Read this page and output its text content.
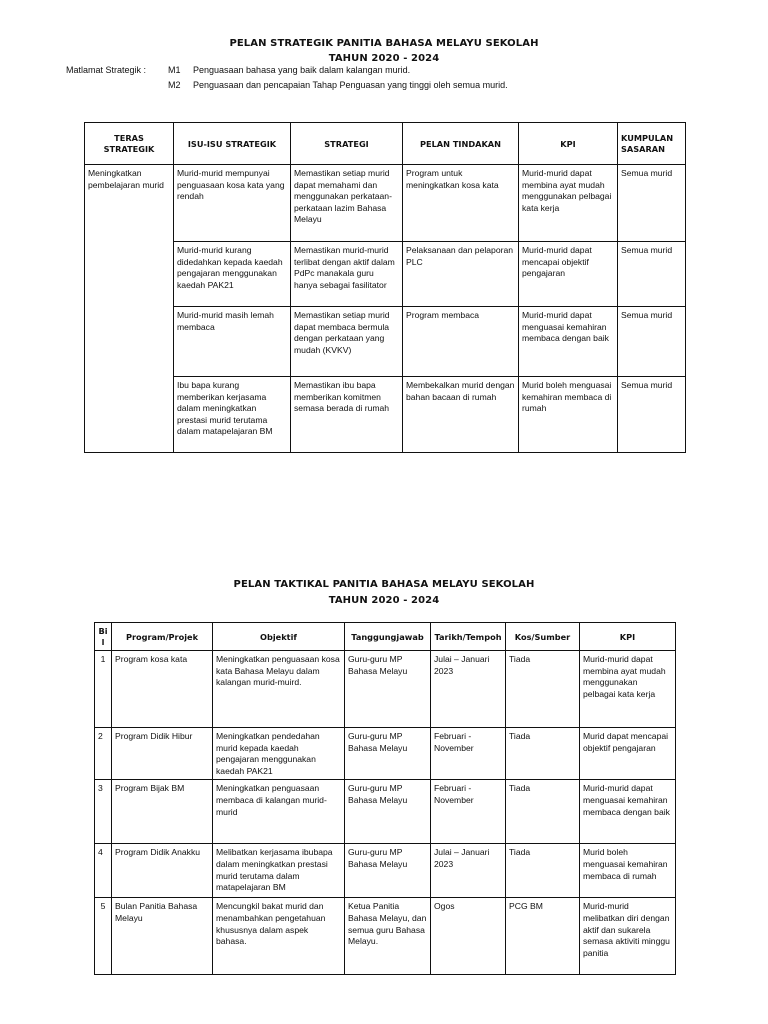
PELAN STRATEGIK PANITIA BAHASA MELAYU SEKOLAH
TAHUN 2020 - 2024
Matlamat Strategik : M1 Penguasaan bahasa yang baik dalam kalangan murid.
M2 Penguasaan dan pencapaian Tahap Penguasan yang tinggi oleh semua murid.
TERAS STRATEGIK	ISU-ISU STRATEGIK	STRATEGI	PELAN TINDAKAN	KPI	KUMPULAN SASARAN
Meningkatkan pembelajaran murid	Murid-murid mempunyai penguasaan kosa kata yang rendah	Memastikan setiap murid dapat memahami dan menggunakan perkataan-perkataan lazim Bahasa Melayu	Program untuk meningkatkan kosa kata	Murid-murid dapat membina ayat mudah menggunakan pelbagai kata kerja	Semua murid
	Murid-murid kurang didedahkan kepada kaedah pengajaran menggunakan kaedah PAK21	Memastikan murid-murid terlibat dengan aktif dalam PdPc manakala guru hanya sebagai fasilitator	Pelaksanaan dan pelaporan PLC	Murid-murid dapat mencapai objektif pengajaran	Semua murid
	Murid-murid masih lemah membaca	Memastikan setiap murid dapat membaca bermula dengan perkataan yang mudah (KVKV)	Program membaca	Murid-murid dapat menguasai kemahiran membaca dengan baik	Semua murid
	Ibu bapa kurang memberikan kerjasama dalam meningkatkan prestasi murid terutama dalam matapelajaran BM	Memastikan ibu bapa memberikan komitmen semasa berada di rumah	Membekalkan murid dengan bahan bacaan di rumah	Murid boleh menguasai kemahiran membaca di rumah	Semua murid
PELAN TAKTIKAL PANITIA BAHASA MELAYU SEKOLAH
TAHUN 2020 - 2024
Bil	Program/Projek	Objektif	Tanggungjawab	Tarikh/Tempoh	Kos/Sumber	KPI
1	Program kosa kata	Meningkatkan penguasaan kosa kata Bahasa Melayu dalam kalangan murid-muird.	Guru-guru MP Bahasa Melayu	Julai – Januari 2023	Tiada	Murid-murid dapat membina ayat mudah menggunakan pelbagai kata kerja
2	Program Didik Hibur	Meningkatkan pendedahan murid kepada kaedah pengajaran menggunakan kaedah PAK21	Guru-guru MP Bahasa Melayu	Februari - November	Tiada	Murid dapat mencapai objektif pengajaran
3	Program Bijak BM	Meningkatkan penguasaan membaca di kalangan murid-murid	Guru-guru MP Bahasa Melayu	Februari - November	Tiada	Murid-murid dapat menguasai kemahiran membaca dengan baik
4	Program Didik Anakku	Melibatkan kerjasama ibubapa dalam meningkatkan prestasi murid terutama dalam matapelajaran BM	Guru-guru MP Bahasa Melayu	Julai – Januari 2023	Tiada	Murid boleh menguasai kemahiran membaca di rumah
5	Bulan Panitia Bahasa Melayu	Mencungkil bakat murid dan menambahkan pengetahuan khususnya dalam aspek bahasa.	Ketua Panitia Bahasa Melayu, dan semua guru Bahasa Melayu.	Ogos	PCG BM	Murid-murid melibatkan diri dengan aktif dan sukarela semasa aktiviti minggu panitia
